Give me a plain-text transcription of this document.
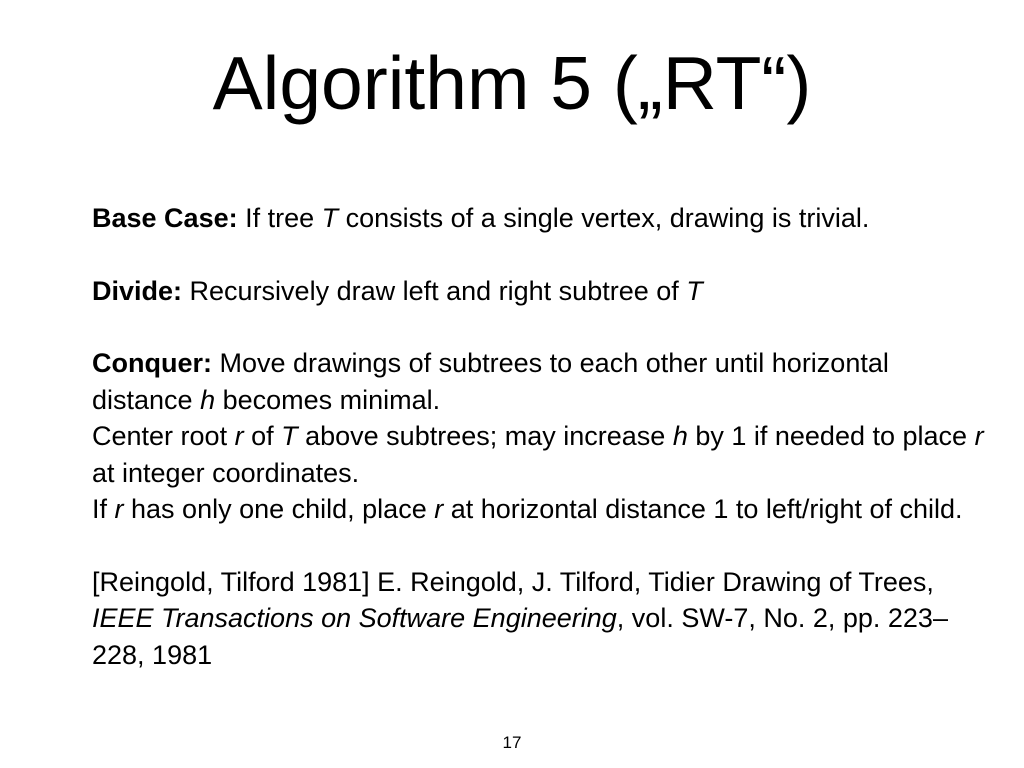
Algorithm 5 („RT“)

Base Case: If tree T consists of a single vertex, drawing is trivial.

Divide: Recursively draw left and right subtree of T

Conquer: Move drawings of subtrees to each other until horizontal distance h becomes minimal.

Center root r of T above subtrees; may increase h by 1 if needed to place r at integer coordinates.

If r has only one child, place r at horizontal distance 1 to left/right of child.

[Reingold, Tilford 1981] E. Reingold, J. Tilford, Tidier Drawing of Trees, IEEE Transactions on Software Engineering, vol. SW-7, No. 2, pp. 223–228, 1981

17
